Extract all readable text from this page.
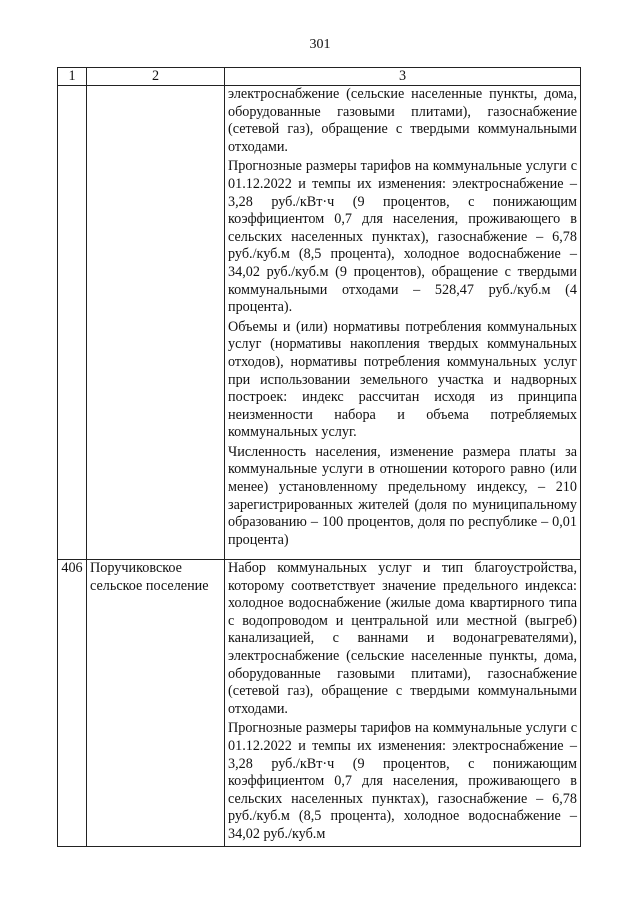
301
1	2	3

		электроснабжение (сельские населенные пункты, дома, оборудованные газовыми плитами), газоснабжение (сетевой газ), обращение с твердыми коммунальными отходами.
Прогнозные размеры тарифов на коммунальные услуги с 01.12.2022 и темпы их изменения: электроснабжение – 3,28 руб./кВт·ч (9 процентов, с понижающим коэффициентом 0,7 для населения, проживающего в сельских населенных пунктах), газоснабжение – 6,78 руб./куб.м (8,5 процента), холодное водоснабжение – 34,02 руб./куб.м (9 процентов), обращение с твердыми коммунальными отходами – 528,47 руб./куб.м (4 процента).
Объемы и (или) нормативы потребления коммунальных услуг (нормативы накопления твердых коммунальных отходов), нормативы потребления коммунальных услуг при использовании земельного участка и надворных построек: индекс рассчитан исходя из принципа неизменности набора и объема потребляемых коммунальных услуг.
Численность населения, изменение размера платы за коммунальные услуги в отношении которого равно (или менее) установленному предельному индексу, – 210 зарегистрированных жителей (доля по муниципальному образованию – 100 процентов, доля по республике – 0,01 процента)

406	Поручиковское сельское поселение	Набор коммунальных услуг и тип благоустройства, которому соответствует значение предельного индекса: холодное водоснабжение (жилые дома квартирного типа с водопроводом и центральной или местной (выгреб) канализацией, с ваннами и водонагревателями), электроснабжение (сельские населенные пункты, дома, оборудованные газовыми плитами), газоснабжение (сетевой газ), обращение с твердыми коммунальными отходами.
Прогнозные размеры тарифов на коммунальные услуги с 01.12.2022 и темпы их изменения: электроснабжение – 3,28 руб./кВт·ч (9 процентов, с понижающим коэффициентом 0,7 для населения, проживающего в сельских населенных пунктах), газоснабжение – 6,78 руб./куб.м (8,5 процента), холодное водоснабжение – 34,02 руб./куб.м
